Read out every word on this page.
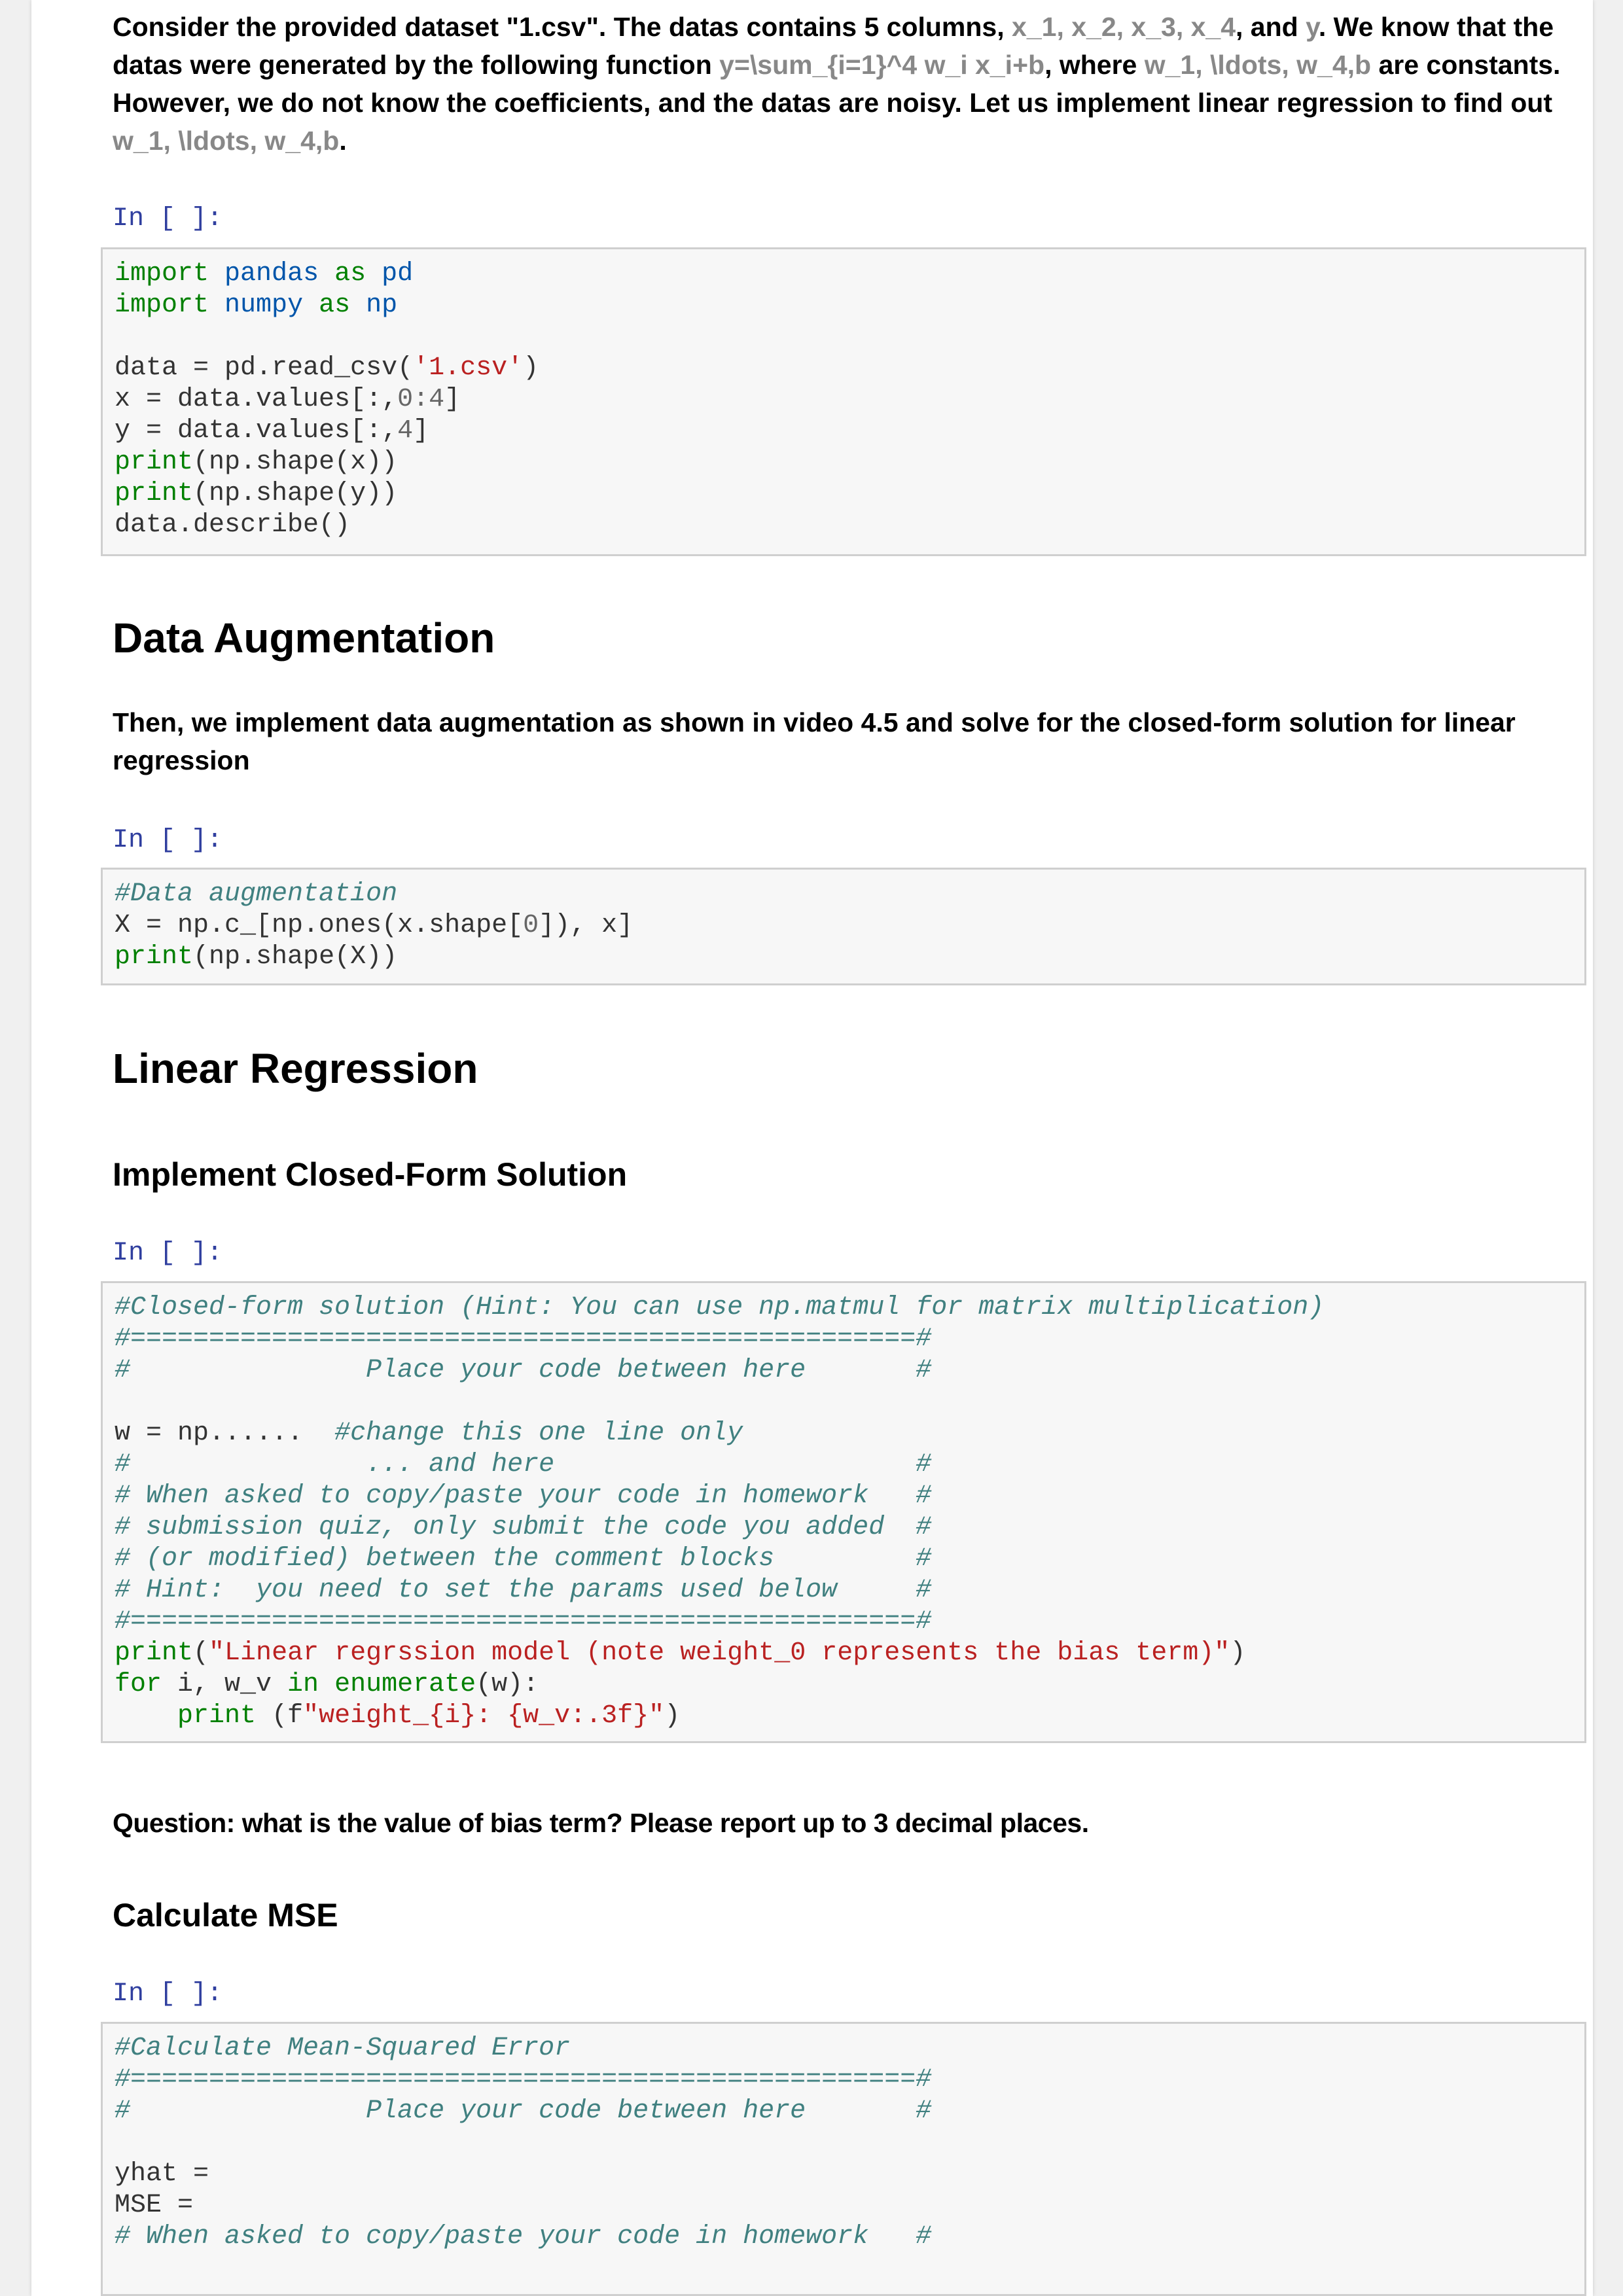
Consider the provided dataset "1.csv". The datas contains 5 columns, x_1, x_2, x_3, x_4, and y. We know that the datas were generated by the following function y=\sum_{i=1}^4 w_i x_i+b, where w_1, \ldots, w_4,b are constants. However, we do not know the coefficients, and the datas are noisy. Let us implement linear regression to find out w_1, \ldots, w_4,b.
In [ ]:
import pandas as pd
import numpy as np

data = pd.read_csv('1.csv')
x = data.values[:,0:4]
y = data.values[:,4]
print(np.shape(x))
print(np.shape(y))
data.describe()
Data Augmentation
Then, we implement data augmentation as shown in video 4.5 and solve for the closed-form solution for linear regression
In [ ]:
#Data augmentation
X = np.c_[np.ones(x.shape[0]), x]
print(np.shape(X))
Linear Regression
Implement Closed-Form Solution
In [ ]:
#Closed-form solution (Hint: You can use np.matmul for matrix multiplication)
#==================================================#
#               Place your code between here       #

w = np......  #change this one line only
#               ... and here                       #
# When asked to copy/paste your code in homework   #
# submission quiz, only submit the code you added  #
# (or modified) between the comment blocks         #
# Hint:  you need to set the params used below     #
#==================================================#
print("Linear regrssion model (note weight_0 represents the bias term)")
for i, w_v in enumerate(w):
print (f"weight_{i}: {w_v:.3f}")
Question: what is the value of bias term? Please report up to 3 decimal places.
Calculate MSE
In [ ]:
#Calculate Mean-Squared Error
#==================================================#
#               Place your code between here       #

yhat =
MSE =
# When asked to copy/paste your code in homework   #
